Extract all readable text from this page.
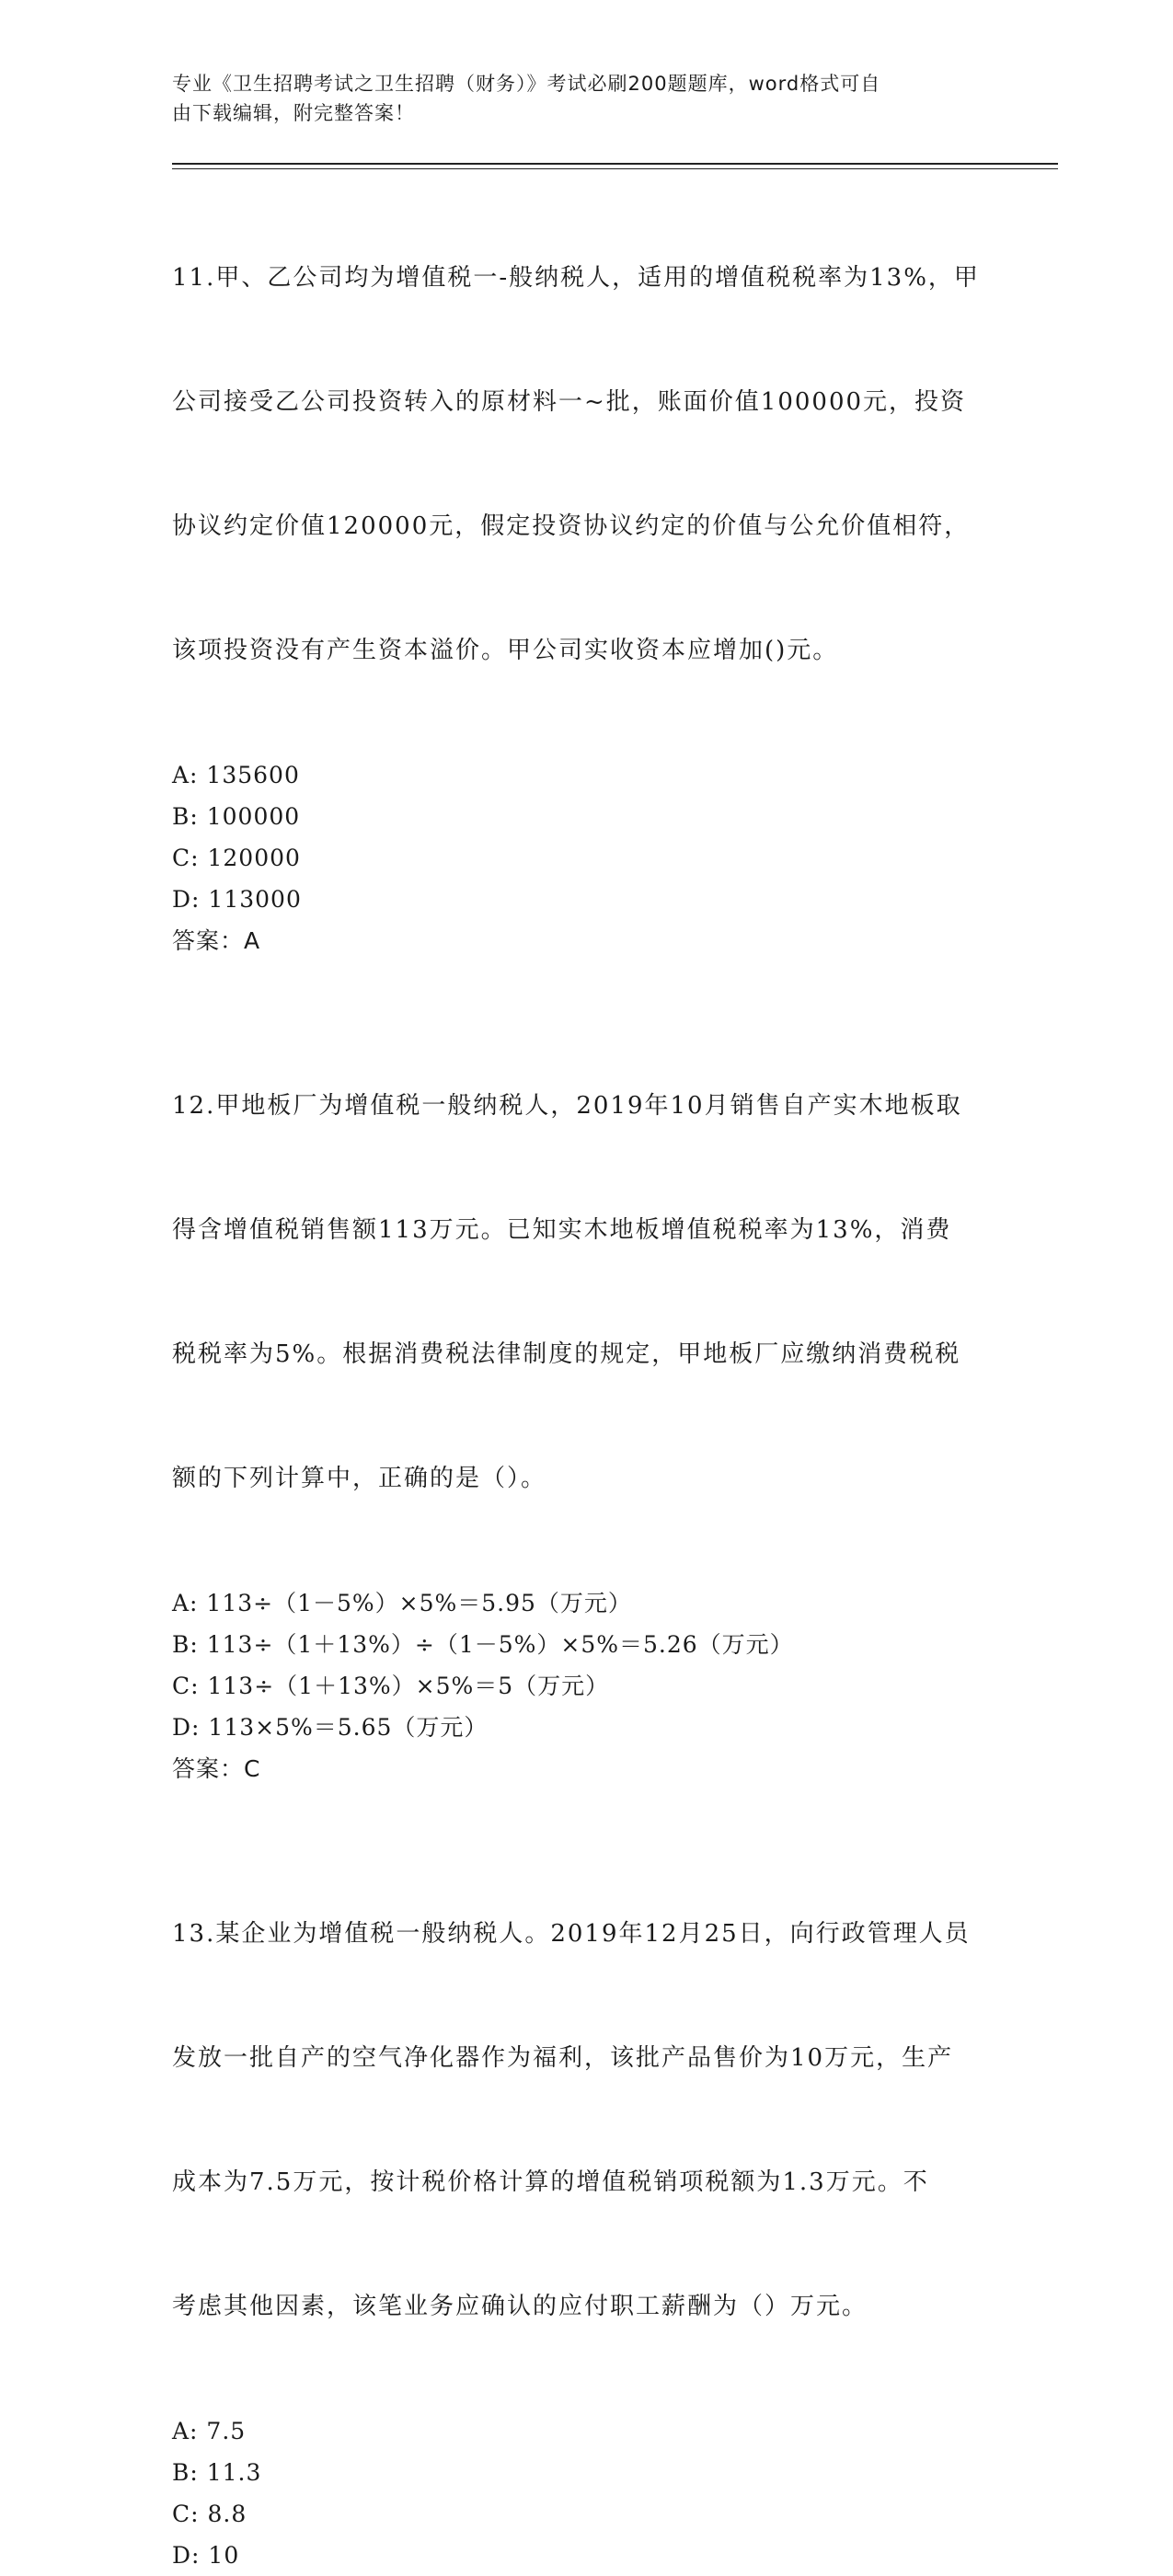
专业《卫生招聘考试之卫生招聘（财务）》考试必刷200题题库，word格式可自
由下载编辑，附完整答案！

11.甲、乙公司均为增值税一-般纳税人，适用的增值税税率为13%，甲

公司接受乙公司投资转入的原材料一~批，账面价值100000元，投资

协议约定价值120000元，假定投资协议约定的价值与公允价值相符，

该项投资没有产生资本溢价。甲公司实收资本应增加()元。

A: 135600
B: 100000
C: 120000
D: 113000
答案：A

12.甲地板厂为增值税一般纳税人，2019年10月销售自产实木地板取

得含增值税销售额113万元。已知实木地板增值税税率为13%，消费

税税率为5%。根据消费税法律制度的规定，甲地板厂应缴纳消费税税

额的下列计算中，正确的是（）。

A: 113÷（1－5%）×5%＝5.95（万元）
B: 113÷（1＋13%）÷（1－5%）×5%＝5.26（万元）
C: 113÷（1＋13%）×5%＝5（万元）
D: 113×5%＝5.65（万元）
答案：C

13.某企业为增值税一般纳税人。2019年12月25日，向行政管理人员

发放一批自产的空气净化器作为福利，该批产品售价为10万元，生产

成本为7.5万元，按计税价格计算的增值税销项税额为1.3万元。不

考虑其他因素，该笔业务应确认的应付职工薪酬为（）万元。

A: 7.5
B: 11.3
C: 8.8
D: 10
